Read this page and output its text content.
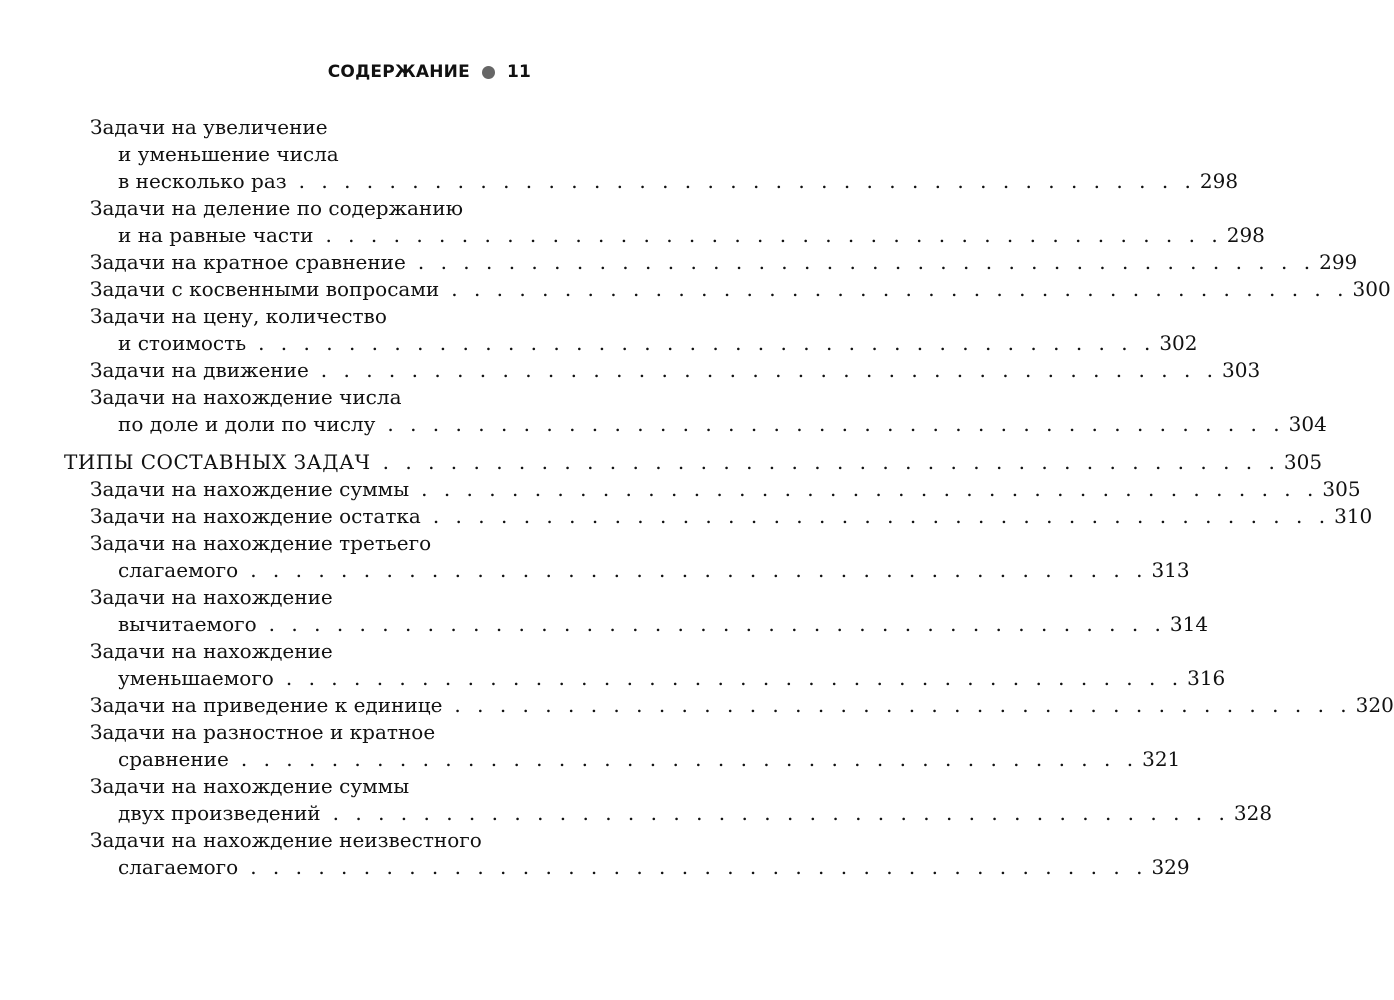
СОДЕРЖАНИЕ 11
Задачи на увеличение
и уменьшение числа
в несколько раз . . . . . . . . . . . . . . . . . . . . . . . . . . . . . . . . . . . . . . . . 298
Задачи на деление по содержанию
и на равные части . . . . . . . . . . . . . . . . . . . . . . . . . . . . . . . . . . . . . . . . 298
Задачи на кратное сравнение . . . . . . . . . . . . . . . . . . . . . . . . . . . . . . . . . . . . . . . . 299
Задачи с косвенными вопросами . . . . . . . . . . . . . . . . . . . . . . . . . . . . . . . . . . . . . . . . 300
Задачи на цену, количество
и стоимость . . . . . . . . . . . . . . . . . . . . . . . . . . . . . . . . . . . . . . . . 302
Задачи на движение . . . . . . . . . . . . . . . . . . . . . . . . . . . . . . . . . . . . . . . . 303
Задачи на нахождение числа
по доле и доли по числу . . . . . . . . . . . . . . . . . . . . . . . . . . . . . . . . . . . . . . . . 304
ТИПЫ СОСТАВНЫХ ЗАДАЧ . . . . . . . . . . . . . . . . . . . . . . . . . . . . . . . . . . . . . . . . 305
Задачи на нахождение суммы . . . . . . . . . . . . . . . . . . . . . . . . . . . . . . . . . . . . . . . . 305
Задачи на нахождение остатка . . . . . . . . . . . . . . . . . . . . . . . . . . . . . . . . . . . . . . . . 310
Задачи на нахождение третьего
слагаемого . . . . . . . . . . . . . . . . . . . . . . . . . . . . . . . . . . . . . . . . 313
Задачи на нахождение
вычитаемого . . . . . . . . . . . . . . . . . . . . . . . . . . . . . . . . . . . . . . . . 314
Задачи на нахождение
уменьшаемого . . . . . . . . . . . . . . . . . . . . . . . . . . . . . . . . . . . . . . . . 316
Задачи на приведение к единице . . . . . . . . . . . . . . . . . . . . . . . . . . . . . . . . . . . . . . . . 320
Задачи на разностное и кратное
сравнение . . . . . . . . . . . . . . . . . . . . . . . . . . . . . . . . . . . . . . . . 321
Задачи на нахождение суммы
двух произведений . . . . . . . . . . . . . . . . . . . . . . . . . . . . . . . . . . . . . . . . 328
Задачи на нахождение неизвестного
слагаемого . . . . . . . . . . . . . . . . . . . . . . . . . . . . . . . . . . . . . . . . 329
